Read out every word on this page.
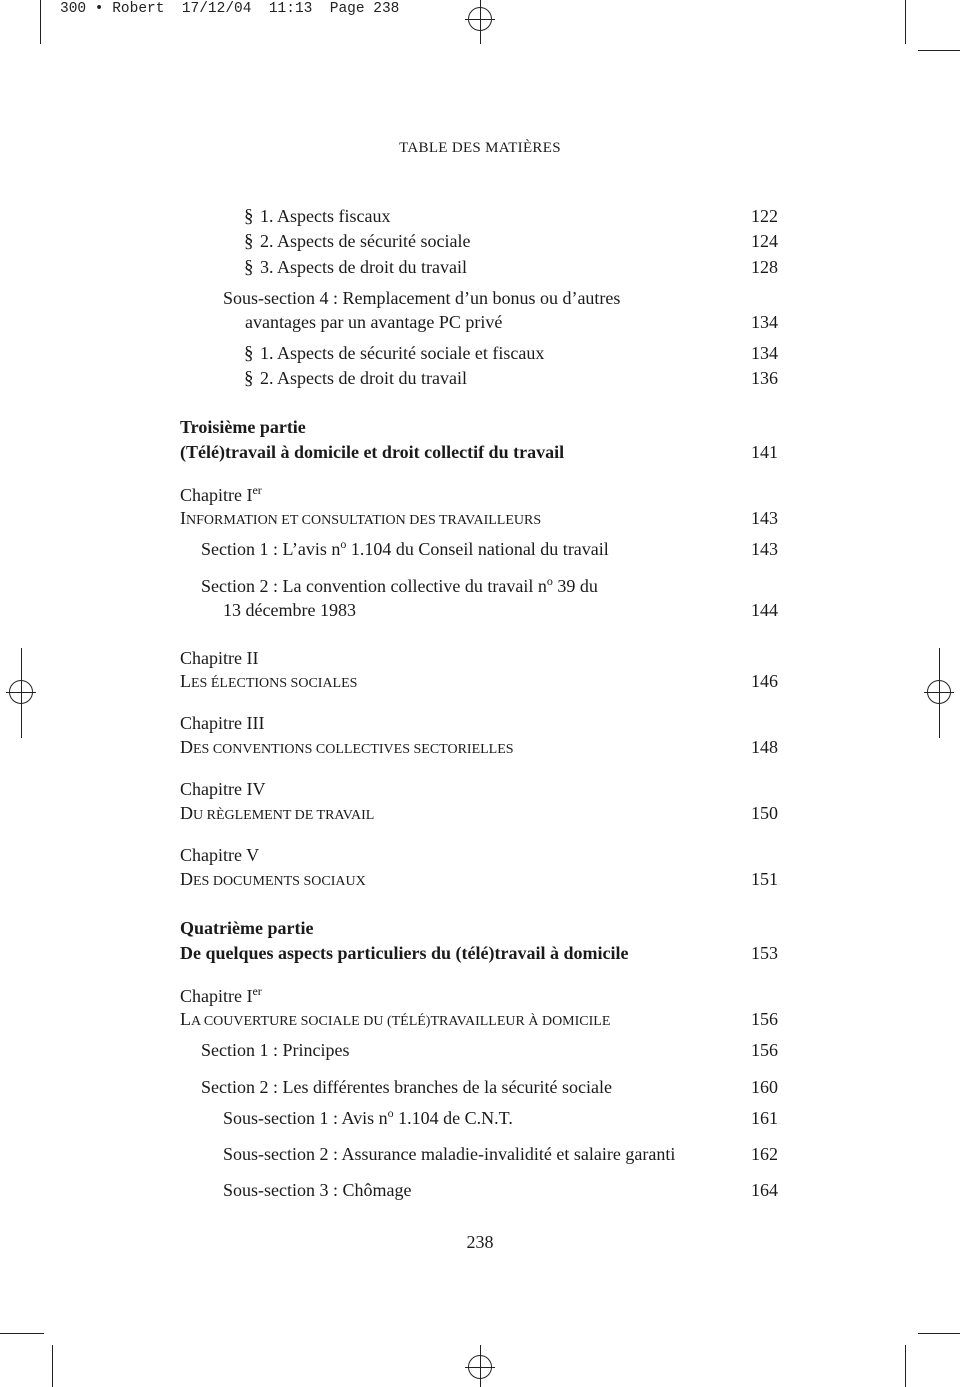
300 • Robert  17/12/04  11:13  Page 238
TABLE DES MATIÈRES
§ 1. Aspects fiscaux	122
§ 2. Aspects de sécurité sociale	124
§ 3. Aspects de droit du travail	128
Sous-section 4 : Remplacement d’un bonus ou d’autres
avantages par un avantage PC privé	134
§ 1. Aspects de sécurité sociale et fiscaux	134
§ 2. Aspects de droit du travail	136
Troisième partie
(Télé)travail à domicile et droit collectif du travail	141
Chapitre Ier
INFORMATION ET CONSULTATION DES TRAVAILLEURS	143
Section 1 : L’avis $n^o$ 1.104 du Conseil national du travail	143
Section 2 : La convention collective du travail $n^o$ 39 du
13 décembre 1983	144
Chapitre II
LES ÉLECTIONS SOCIALES	146
Chapitre III
DES CONVENTIONS COLLECTIVES SECTORIELLES	148
Chapitre IV
DU RÈGLEMENT DE TRAVAIL	150
Chapitre V
DES DOCUMENTS SOCIAUX	151
Quatrième partie
De quelques aspects particuliers du (télé)travail à domicile	153
Chapitre Ier
LA COUVERTURE SOCIALE DU (TÉLÉ)TRAVAILLEUR À DOMICILE	156
Section 1 : Principes	156
Section 2 : Les différentes branches de la sécurité sociale	160
Sous-section 1 : Avis $n^o$ 1.104 de C.N.T.	161
Sous-section 2 : Assurance maladie-invalidité et salaire garanti	162
Sous-section 3 : Chômage	164
238
